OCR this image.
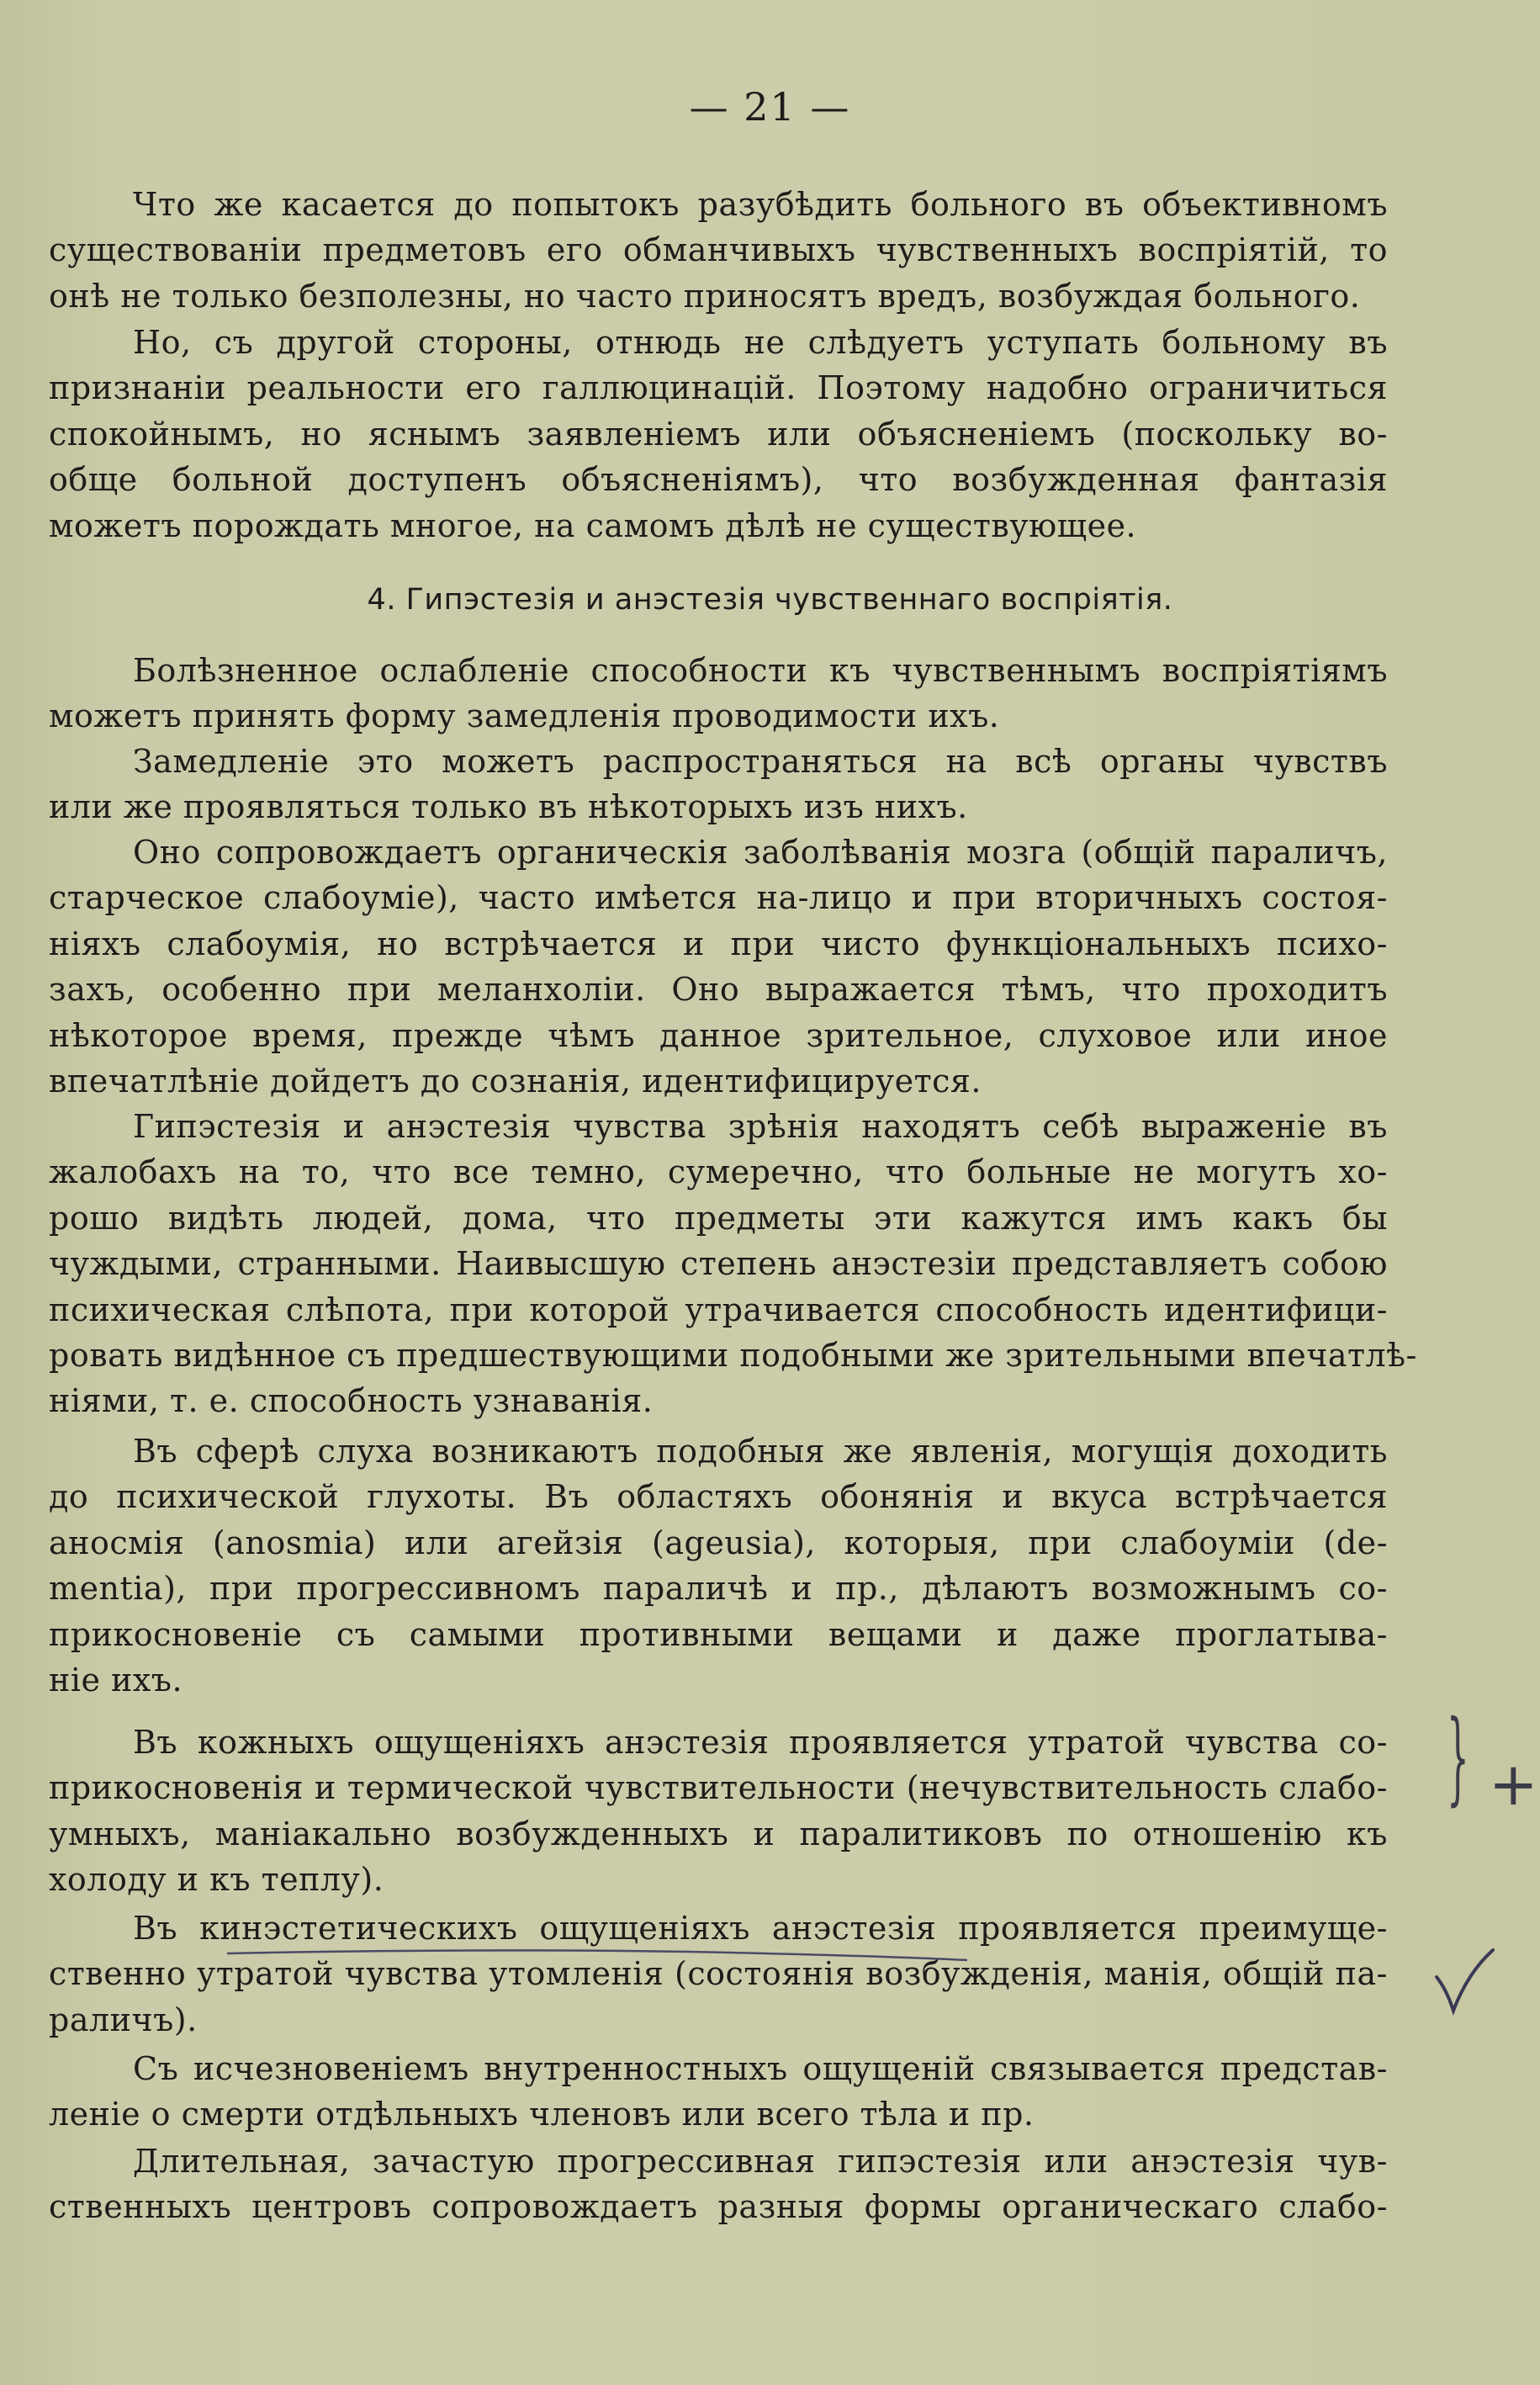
— 21 —
Что же касается до попытокъ разубѣдить больного въ объективномъ
существованіи предметовъ его обманчивыхъ чувственныхъ воспріятій, то
онѣ не только безполезны, но часто приносятъ вредъ, возбуждая больного.
Но, съ другой стороны, отнюдь не слѣдуетъ уступать больному въ
признаніи реальности его галлюцинацій. Поэтому надобно ограничиться
спокойнымъ, но яснымъ заявленіемъ или объясненіемъ (поскольку во-
обще больной доступенъ объясненіямъ), что возбужденная фантазія
можетъ порождать многое, на самомъ дѣлѣ не существующее.
4. Гипэстезія и анэстезія чувственнаго воспріятія.
Болѣзненное ослабленіе способности къ чувственнымъ воспріятіямъ
можетъ принять форму замедленія проводимости ихъ.
Замедленіе это можетъ распространяться на всѣ органы чувствъ
или же проявляться только въ нѣкоторыхъ изъ нихъ.
Оно сопровождаетъ органическія заболѣванія мозга (общій параличъ,
старческое слабоуміе), часто имѣется на-лицо и при вторичныхъ состоя-
ніяхъ слабоумія, но встрѣчается и при чисто функціональныхъ психо-
захъ, особенно при меланхоліи. Оно выражается тѣмъ, что проходитъ
нѣкоторое время, прежде чѣмъ данное зрительное, слуховое или иное
впечатлѣніе дойдетъ до сознанія, идентифицируется.
Гипэстезія и анэстезія чувства зрѣнія находятъ себѣ выраженіе въ
жалобахъ на то, что все темно, сумеречно, что больные не могутъ хо-
рошо видѣть людей, дома, что предметы эти кажутся имъ какъ бы
чуждыми, странными. Наивысшую степень анэстезіи представляетъ собою
психическая слѣпота, при которой утрачивается способность идентифици-
ровать видѣнное съ предшествующими подобными же зрительными впечатлѣ-
ніями, т. е. способность узнаванія.
Въ сферѣ слуха возникаютъ подобныя же явленія, могущія доходить
до психической глухоты. Въ областяхъ обонянія и вкуса встрѣчается
аносмія (anosmia) или агейзія (ageusia), которыя, при слабоуміи (de-
mentia), при прогрессивномъ параличѣ и пр., дѣлаютъ возможнымъ со-
прикосновеніе съ самыми противными вещами и даже проглатыва-
ніе ихъ.
Въ кожныхъ ощущеніяхъ анэстезія проявляется утратой чувства со-
прикосновенія и термической чувствительности (нечувствительность слабо-
умныхъ, маніакально возбужденныхъ и паралитиковъ по отношенію къ
холоду и къ теплу).
Въ кинэстетическихъ ощущеніяхъ анэстезія проявляется преимуще-
ственно утратой чувства утомленія (состоянія возбужденія, манія, общій па-
раличъ).
Съ исчезновеніемъ внутренностныхъ ощущеній связывается представ-
леніе о смерти отдѣльныхъ членовъ или всего тѣла и пр.
Длительная, зачастую прогрессивная гипэстезія или анэстезія чув-
ственныхъ центровъ сопровождаетъ разныя формы органическаго слабо-
} +
